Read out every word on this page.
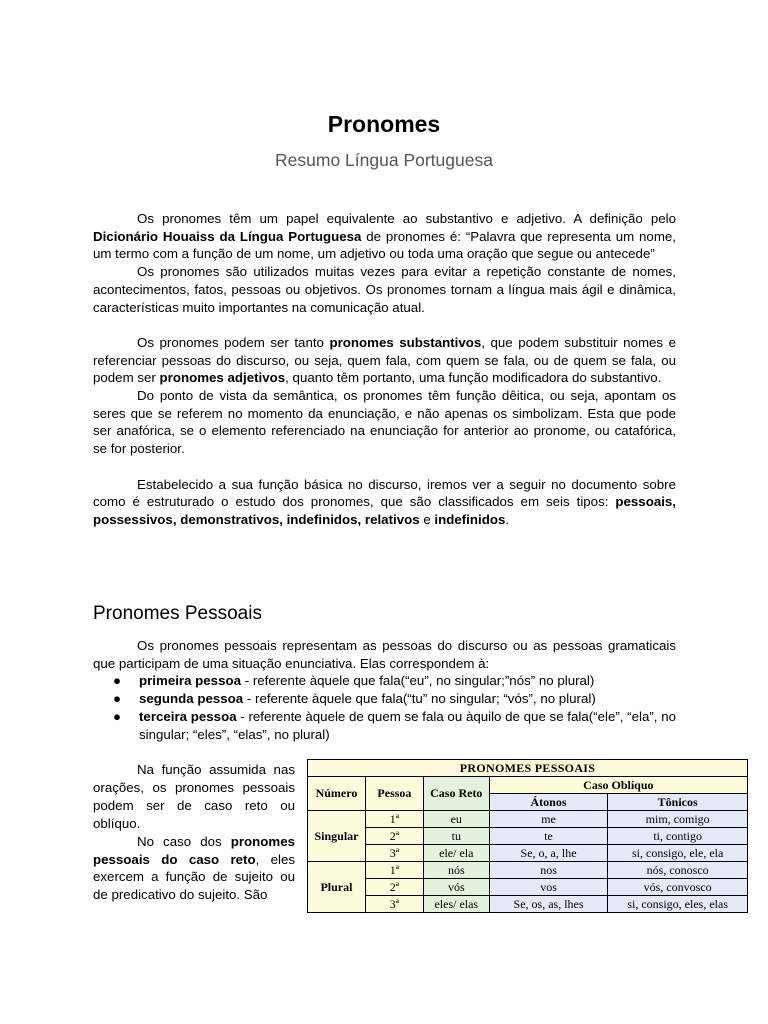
Pronomes
Resumo Língua Portuguesa

Os pronomes têm um papel equivalente ao substantivo e adjetivo. A definição pelo Dicionário Houaiss da Língua Portuguesa de pronomes é: “Palavra que representa um nome, um termo com a função de um nome, um adjetivo ou toda uma oração que segue ou antecede”

Os pronomes são utilizados muitas vezes para evitar a repetição constante de nomes, acontecimentos, fatos, pessoas ou objetivos. Os pronomes tornam a língua mais ágil e dinâmica, características muito importantes na comunicação atual.

Os pronomes podem ser tanto pronomes substantivos, que podem substituir nomes e referenciar pessoas do discurso, ou seja, quem fala, com quem se fala, ou de quem se fala, ou podem ser pronomes adjetivos, quanto têm portanto, uma função modificadora do substantivo.

Do ponto de vista da semântica, os pronomes têm função dêitica, ou seja, apontam os seres que se referem no momento da enunciação, e não apenas os simbolizam. Esta que pode ser anafórica, se o elemento referenciado na enunciação for anterior ao pronome, ou catafórica, se for posterior.

Estabelecido a sua função básica no discurso, iremos ver a seguir no documento sobre como é estruturado o estudo dos pronomes, que são classificados em seis tipos: pessoais, possessivos, demonstrativos, indefinidos, relativos e indefinidos.

Pronomes Pessoais

Os pronomes pessoais representam as pessoas do discurso ou as pessoas gramaticais que participam de uma situação enunciativa. Elas correspondem à:

● primeira pessoa - referente àquele que fala(“eu”, no singular;”nós” no plural)
● segunda pessoa - referente àquele que fala(“tu” no singular; “vós”, no plural)
● terceira pessoa - referente àquele de quem se fala ou àquilo de que se fala(“ele”, “ela”, no singular; “eles”, “elas”, no plural)

Na função assumida nas orações, os pronomes pessoais podem ser de caso reto ou oblíquo.

No caso dos pronomes pessoais do caso reto, eles exercem a função de sujeito ou de predicativo do sujeito. São

PRONOMES PESSOAIS				
Número	Pessoa	Caso Reto	Caso Oblíquo	
			Átonos	Tônicos
Singular	1ª	eu	me	mim, comigo
	2ª	tu	te	ti, contigo
	3ª	ele/ ela	Se, o, a, lhe	si, consigo, ele, ela
Plural	1ª	nós	nos	nós, conosco
	2ª	vós	vos	vós, convosco
	3ª	eles/ elas	Se, os, as, lhes	si, consigo, eles, elas
